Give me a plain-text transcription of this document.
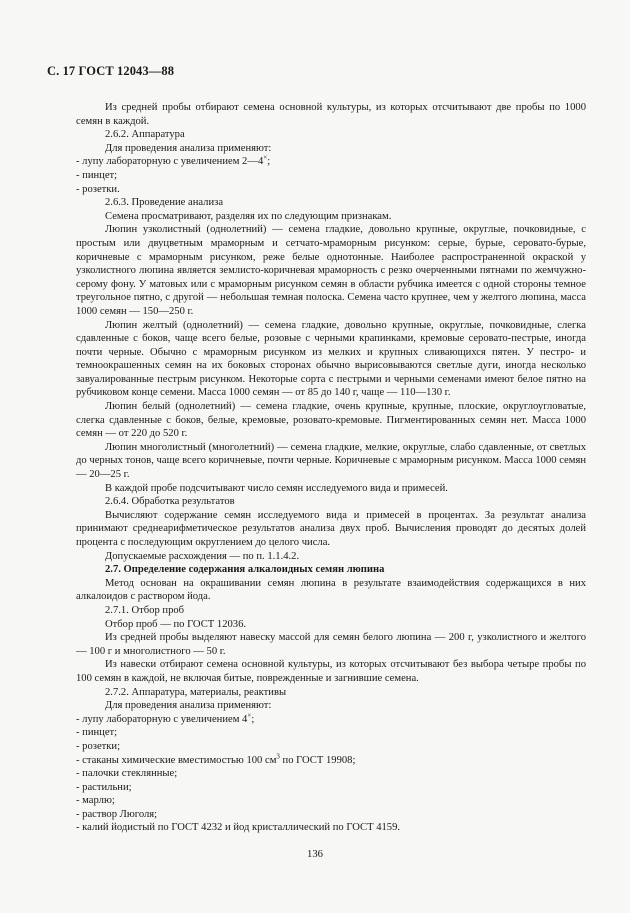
С. 17 ГОСТ 12043—88

Из средней пробы отбирают семена основной культуры, из которых отсчитывают две пробы по 1000 семян в каждой.

2.6.2. Аппаратура

Для проведения анализа применяют:

- лупу лабораторную с увеличением 2—4×;

- пинцет;

- розетки.

2.6.3. Проведение анализа

Семена просматривают, разделяя их по следующим признакам.

Люпин узколистный (однолетний) — семена гладкие, довольно крупные, округлые, почковидные, с простым или двуцветным мраморным и сетчато-мраморным рисунком: серые, бурые, серовато-бурые, коричневые с мраморным рисунком, реже белые однотонные. Наиболее распространенной окраской у узколистного люпина является землисто-коричневая мраморность с резко очерченными пятнами по жемчужно-серому фону. У матовых или с мраморным рисунком семян в области рубчика имеется с одной стороны темное треугольное пятно, с другой — небольшая темная полоска. Семена часто крупнее, чем у желтого люпина, масса 1000 семян — 150—250 г.

Люпин желтый (однолетний) — семена гладкие, довольно крупные, округлые, почковидные, слегка сдавленные с боков, чаще всего белые, розовые с черными крапинками, кремовые серовато-пестрые, иногда почти черные. Обычно с мраморным рисунком из мелких и крупных сливающихся пятен. У пестро- и темноокрашенных семян на их боковых сторонах обычно вырисовываются светлые дуги, иногда несколько завуалированные пестрым рисунком. Некоторые сорта с пестрыми и черными семенами имеют белое пятно на рубчиковом конце семени. Масса 1000 семян — от 85 до 140 г, чаще — 110—130 г.

Люпин белый (однолетний) — семена гладкие, очень крупные, крупные, плоские, округлоугловатые, слегка сдавленные с боков, белые, кремовые, розовато-кремовые. Пигментированных семян нет. Масса 1000 семян — от 220 до 520 г.

Люпин многолистный (многолетний) — семена гладкие, мелкие, округлые, слабо сдавленные, от светлых до черных тонов, чаще всего коричневые, почти черные. Коричневые с мраморным рисунком. Масса 1000 семян — 20—25 г.

В каждой пробе подсчитывают число семян исследуемого вида и примесей.

2.6.4. Обработка результатов

Вычисляют содержание семян исследуемого вида и примесей в процентах. За результат анализа принимают среднеарифметическое результатов анализа двух проб. Вычисления проводят до десятых долей процента с последующим округлением до целого числа.

Допускаемые расхождения — по п. 1.1.4.2.

2.7. Определение содержания алкалоидных семян люпина

Метод основан на окрашивании семян люпина в результате взаимодействия содержащихся в них алкалоидов с раствором йода.

2.7.1. Отбор проб

Отбор проб — по ГОСТ 12036.

Из средней пробы выделяют навеску массой для семян белого люпина — 200 г, узколистного и желтого — 100 г и многолистного — 50 г.

Из навески отбирают семена основной культуры, из которых отсчитывают без выбора четыре пробы по 100 семян в каждой, не включая битые, поврежденные и загнившие семена.

2.7.2. Аппаратура, материалы, реактивы

Для проведения анализа применяют:

- лупу лабораторную с увеличением 4×;

- пинцет;

- розетки;

- стаканы химические вместимостью 100 $см^3$ по ГОСТ 19908;

- палочки стеклянные;

- растильни;

- марлю;

- раствор Люголя;

- калий йодистый по ГОСТ 4232 и йод кристаллический по ГОСТ 4159.

136
